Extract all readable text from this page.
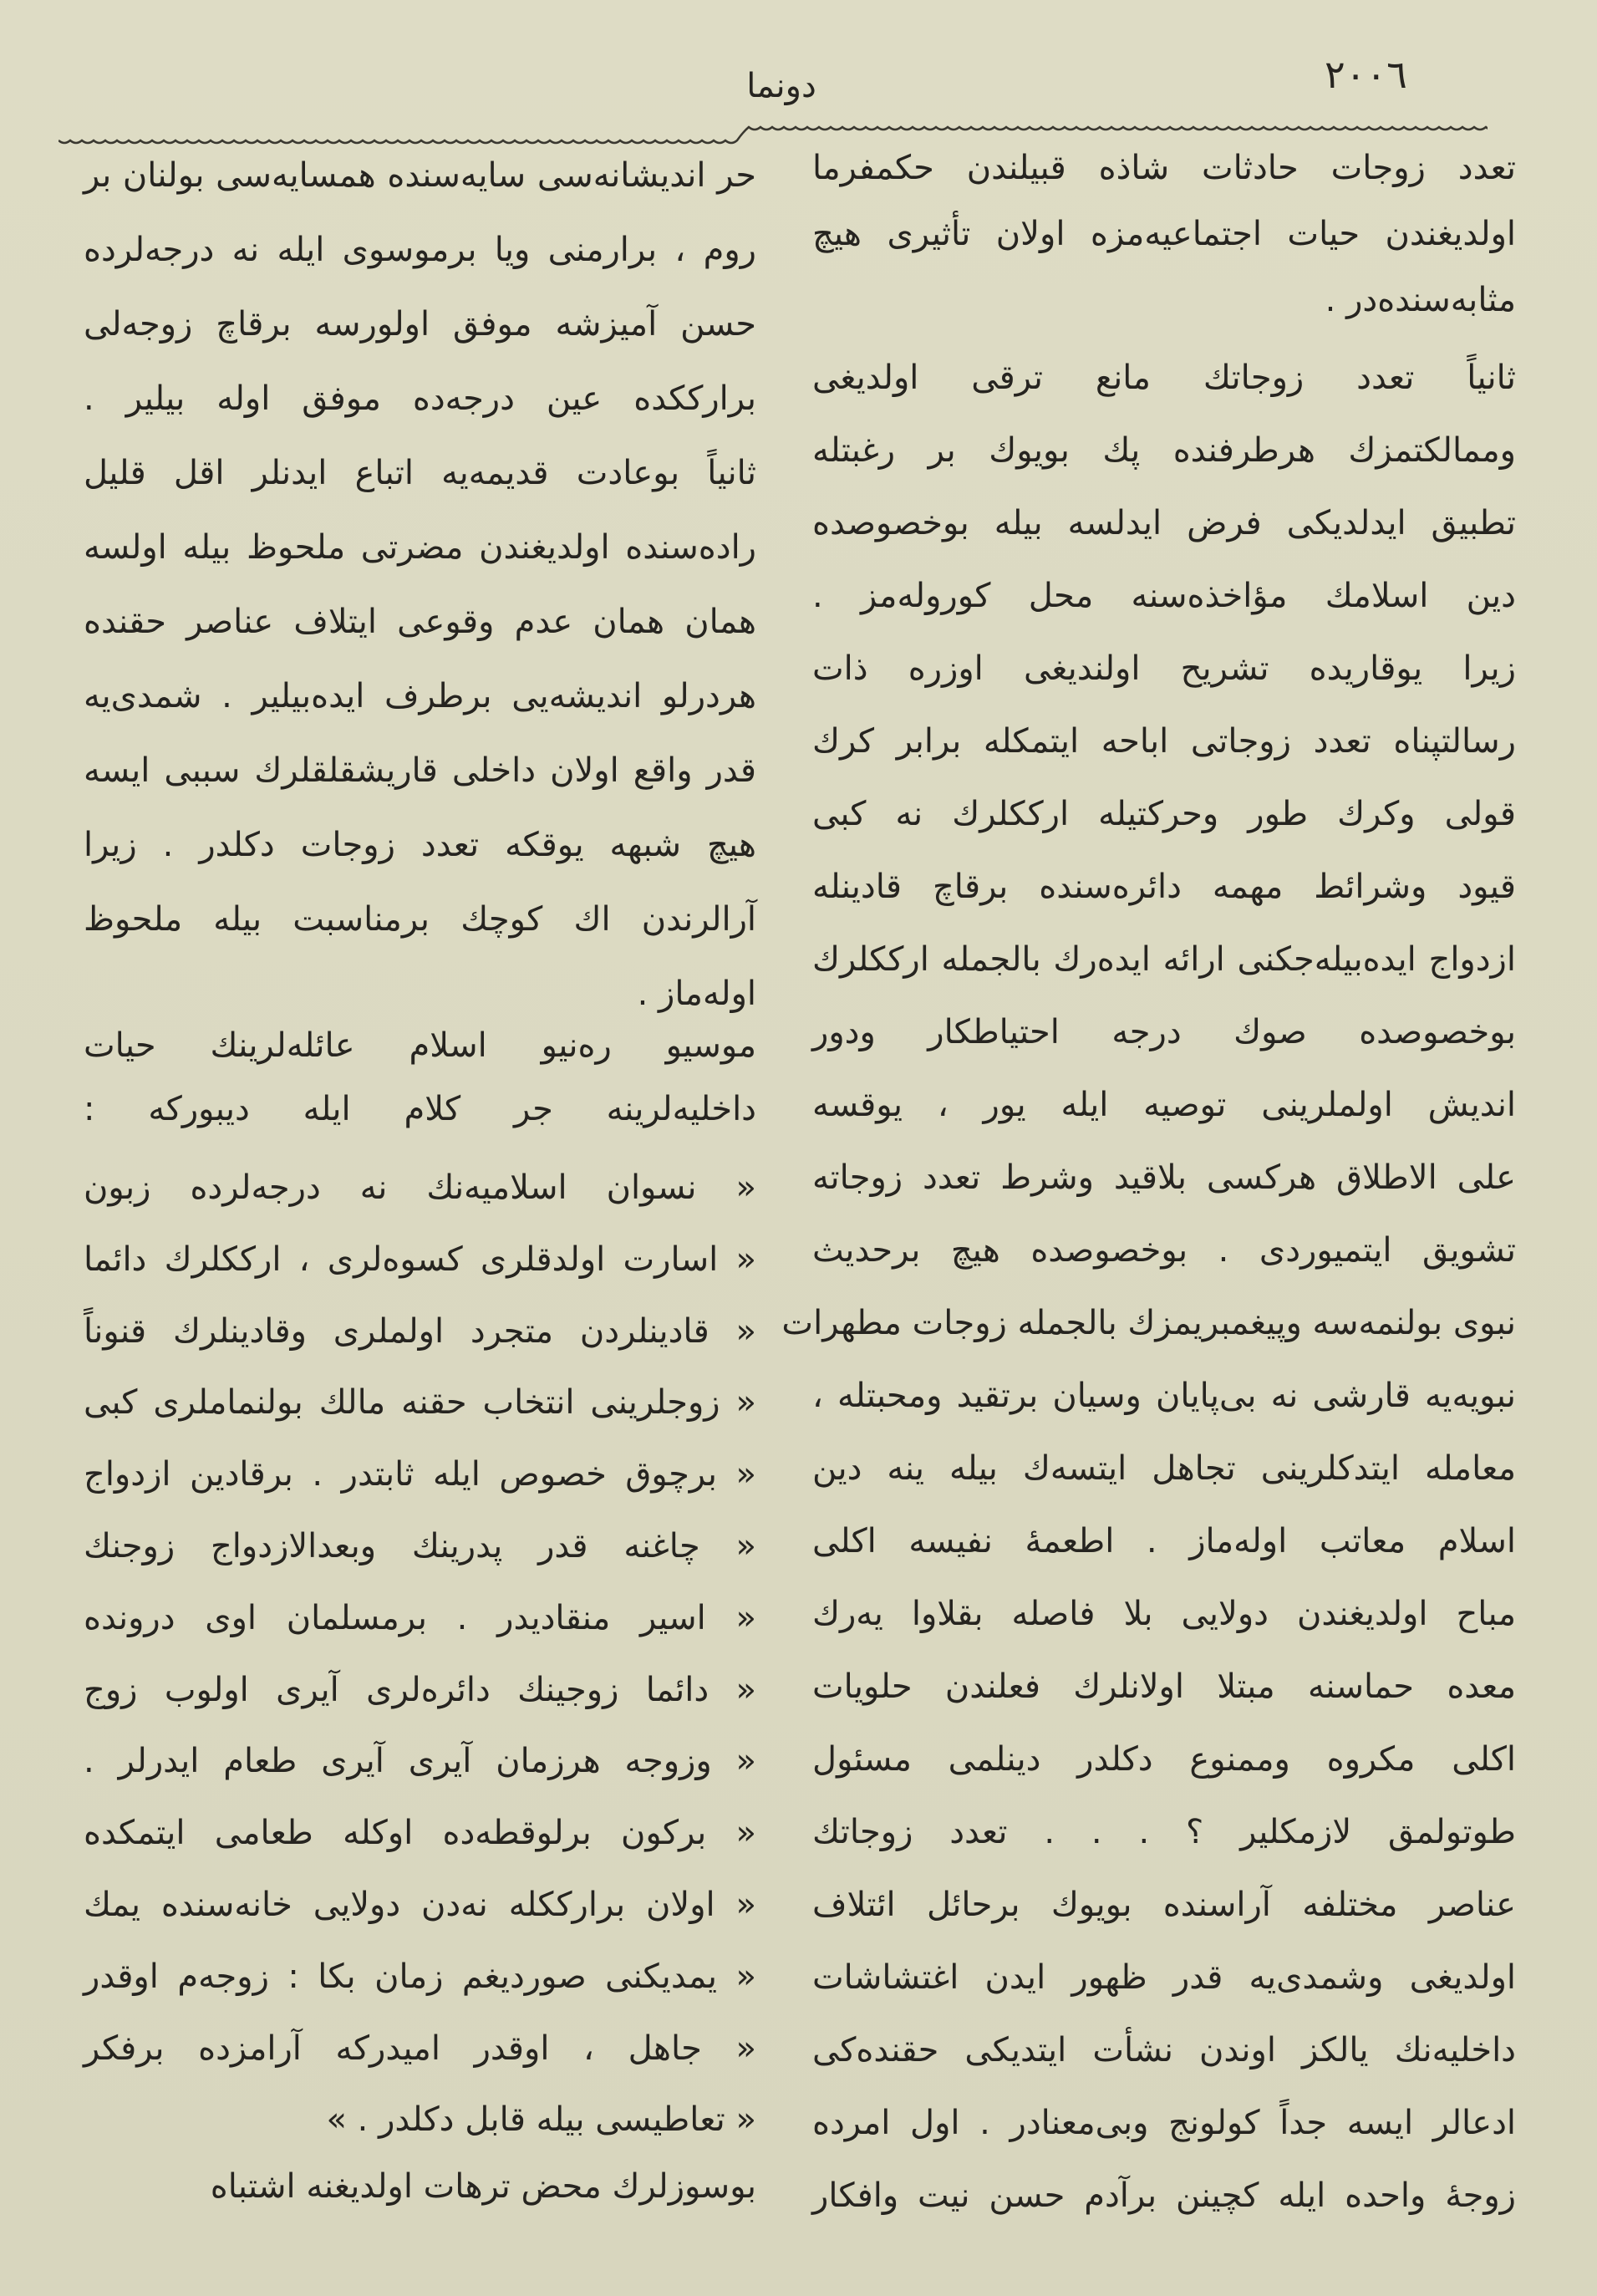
٢٠٠٦
دونما
تعدد زوجات حادثات شاذه قبیلندن حکمفرما
اولدیغندن حیات اجتماعیه‌مزه اولان تأثیری هیچ
مثابه‌سنده‌در .
ثانیاً تعدد زوجاتك مانع ترقی اولدیغی
وممالکتمزك هرطرفنده پك بویوك بر رغبتله
تطبیق ایدلدیکی فرض ایدلسه بیله بوخصوصده
دین اسلامك مؤاخذه‌سنه محل کوروله‌مز .
زیرا یوقاریده تشریح اولندیغی اوزره ذات
رسالتپناه تعدد زوجاتی اباحه ایتمکله برابر کرك
قولی وکرك طور وحرکتیله ارککلرك نه کبی
قیود وشرائط مهمه دائره‌سنده برقاچ قادینله
ازدواج ایده‌بیله‌جکنی ارائه ایده‌رك بالجمله ارککلرك
بوخصوصده صوك درجه احتیاطکار ودور
اندیش اولملرینی توصیه ایله یور ، یوقسه
علی الاطلاق هرکسی بلاقید وشرط تعدد زوجاته
تشویق ایتمیوردی . بوخصوصده هیچ برحدیث
نبوی بولنمه‌سه وپیغمبریمزك بالجمله زوجات مطهرات
نبویه‌یه قارشی نه بی‌پایان وسیان برتقید ومحبتله ،
معامله ایتدکلرینی تجاهل ایتسه‌ك بیله ینه دین
اسلام معاتب اوله‌ماز . اطعمهٔ نفیسه اکلی
مباح اولدیغندن دولایی بلا فاصله بقلاوا یه‌رك
معده حماسنه مبتلا اولانلرك فعلندن حلویات
اکلی مکروه وممنوع دکلدر دینلمی مسئول
طوتولمق لازمکلیر ؟ . . . تعدد زوجاتك
عناصر مختلفه آراسنده بویوك برحائل ائتلاف
اولدیغی وشمدی‌یه قدر ظهور ایدن اغتشاشات
داخلیه‌نك یالکز اوندن نشأت ایتدیکی حقنده‌کی
ادعالر ایسه جداً کولونج وبی‌معنادر . اول امرده
زوجهٔ واحده ایله کچینن برآدم حسن نیت وافکار
حر اندیشانه‌سی سایه‌سنده همسایه‌سی بولنان بر
روم ، برارمنی ویا برموسوی ایله نه درجه‌لرده
حسن آمیزشه موفق اولورسه برقاچ زوجه‌لی
برارککده عین درجه‌ده موفق اوله بیلیر .
ثانیاً بوعادت قدیمه‌یه اتباع ایدنلر اقل قلیل
راده‌سنده اولدیغندن مضرتی ملحوظ بیله اولسه
همان همان عدم وقوعی ایتلاف عناصر حقنده
هردرلو اندیشه‌یی برطرف ایده‌بیلیر . شمدی‌یه
قدر واقع اولان داخلی قاریشقلقلرك سببی ایسه
هیچ شبهه یوقکه تعدد زوجات دکلدر . زیرا
آرالرندن اك کوچك برمناسبت بیله ملحوظ
اوله‌ماز .
موسیو ره‌نیو اسلام عائله‌لرینك حیات
داخلیه‌لرینه جر کلام ایله دیبورکه :
« نسوان اسلامیه‌نك نه درجه‌لرده زبون
« اسارت اولدقلری کسوه‌لری ، ارککلرك دائما
« قادینلردن متجرد اولملری وقادینلرك قنوناً
« زوجلرینی انتخاب حقنه مالك بولنماملری کبی
« برچوق خصوص ایله ثابتدر . برقادین ازدواج
« چاغنه قدر پدرینك وبعدالازدواج زوجنك
« اسیر منقادیدر . برمسلمان اوی درونده
« دائما زوجینك دائره‌لری آیری اولوب زوج
« وزوجه هرزمان آیری آیری طعام ایدرلر .
« برکون برلوقطه‌ده اوکله طعامی ایتمکده
« اولان برارککله نه‌دن دولایی خانه‌سنده یمك
« یمدیکنی صوردیغم زمان بکا : زوجه‌م اوقدر
« جاهل ، اوقدر امیدرکه آرامزده برفکر
« تعاطیسی بیله قابل دکلدر . »
بوسوزلرك محض ترهات اولدیغنه اشتباه
